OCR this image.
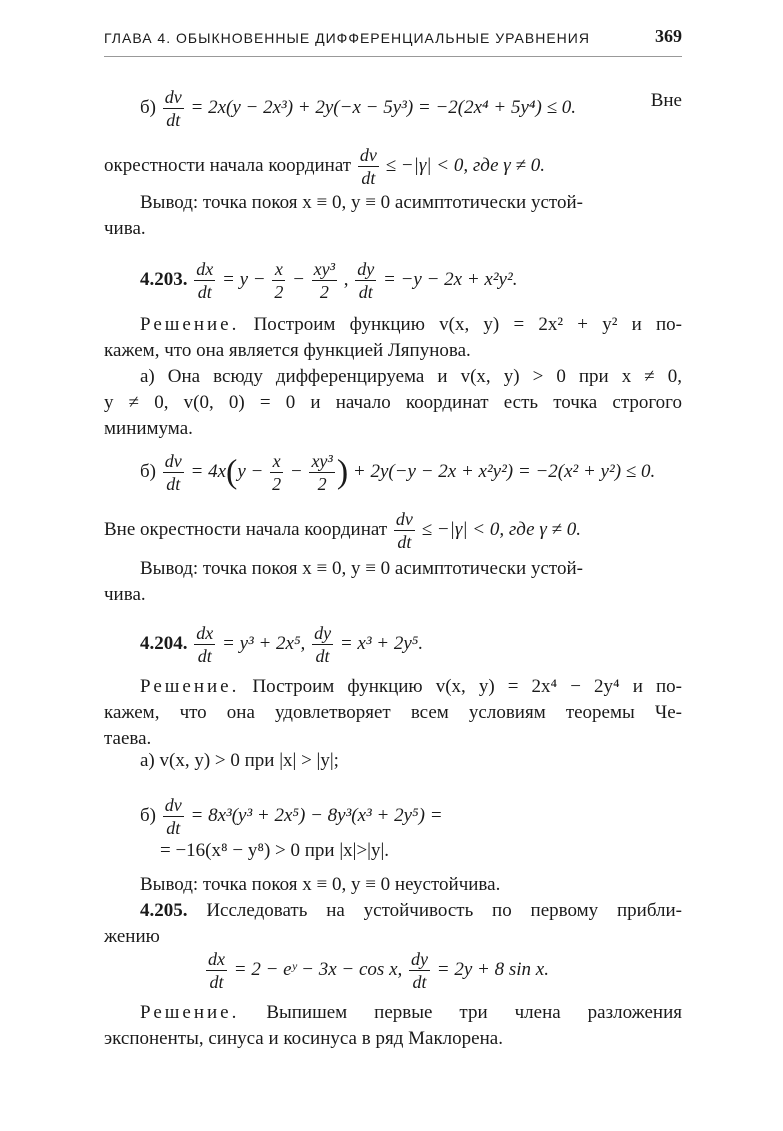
ГЛАВА 4. ОБЫКНОВЕННЫЕ ДИФФЕРЕНЦИАЛЬНЫЕ УРАВНЕНИЯ	369
$б) \frac{dv}{dt} = 2x(y - 2x^3) + 2y(-x - 5y^3) = -2(2x^4 + 5y^4) \le 0$.	Вне
окрестности начала координат $\frac{dv}{dt} \le -|\gamma| < 0$, где γ ≠ 0.
Вывод: точка покоя x ≡ 0, y ≡ 0 асимптотически устой-
чива.
4.203. $\frac{dx}{dt} = y - \frac{x}{2} - \frac{\text{xy³}}{2}$ , $\frac{dy}{dt} = -y - 2x + x^2y^2$.
Решение. Построим функцию v(x, y) = 2x² + y² и по-
кажем, что она является функцией Ляпунова.
а) Она всюду дифференцируема и v(x, y) > 0 при x ≠ 0,
y ≠ 0, v(0, 0) = 0 и начало координат есть точка строгого
минимума.
$б) \frac{dv}{dt} = 4x(y - \frac{x}{2} - \frac{\text{xy³}}{2}$ ) + 2y(−y − 2x + x²y²) = −2(x² + y²) ≤ 0.
Вне окрестности начала координат $\frac{dv}{dt} \le -|\gamma| < 0$, где γ ≠ 0.
Вывод: точка покоя x ≡ 0, y ≡ 0 асимптотически устой-
чива.
4.204. $\frac{dx}{dt} = y^3 + 2x^5$, $\frac{dy}{dt} = x^3 + 2y^5$.
Решение. Построим функцию v(x, y) = 2x⁴ − 2y⁴ и по-
кажем, что она удовлетворяет всем условиям теоремы Че-
таева.
а) v(x, y) > 0 при |x| > |y|;
$б) \frac{dv}{dt} = 8x^3(y^3 + 2x^5) - 8y^3(x^3 + 2y^5)$ =
= −16(x⁸ − y⁸) > 0 при |x|>|y|.
Вывод: точка покоя x ≡ 0, y ≡ 0 неустойчива.
4.205. Исследовать на устойчивость по первому прибли-
жению
$\frac{dx}{dt} = 2$ − eʸ − 3x − cos x, $\frac{dy}{dt} = 2y + 8$ sin x.
Решение. Выпишем первые три члена разложения
экспоненты, синуса и косинуса в ряд Маклорена.
